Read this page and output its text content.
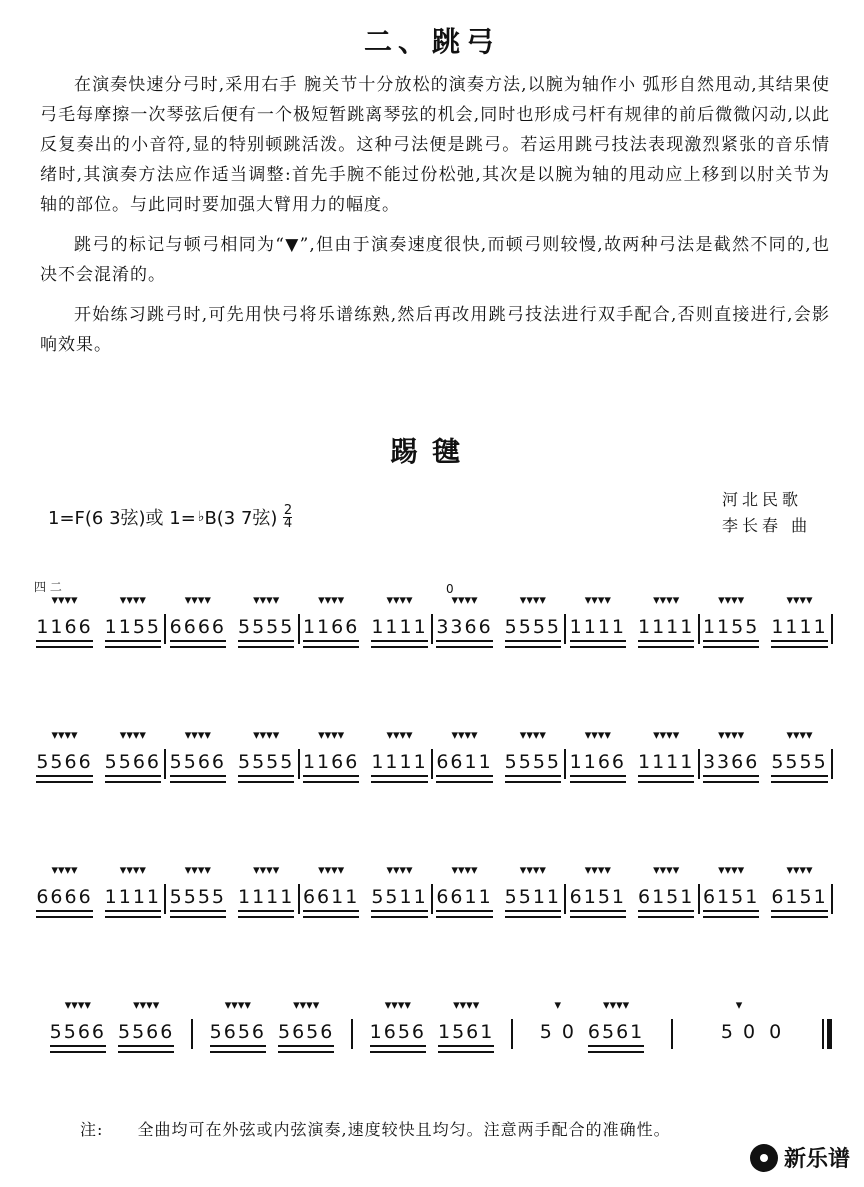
二、跳弓

在演奏快速分弓时,采用右手 腕关节十分放松的演奏方法,以腕为轴作小 弧形自然甩动,其结果使弓毛每摩擦一次琴弦后便有一个极短暂跳离琴弦的机会,同时也形成弓杆有规律的前后微微闪动,以此反复奏出的小音符,显的特别顿跳活泼。这种弓法便是跳弓。若运用跳弓技法表现激烈紧张的音乐情绪时,其演奏方法应作适当调整:首先手腕不能过份松弛,其次是以腕为轴的甩动应上移到以肘关节为轴的部位。与此同时要加强大臂用力的幅度。

跳弓的标记与顿弓相同为“▼”,但由于演奏速度很快,而顿弓则较慢,故两种弓法是截然不同的,也决不会混淆的。

开始练习跳弓时,可先用快弓将乐谱练熟,然后再改用跳弓技法进行双手配合,否则直接进行,会影响效果。

踢毽
1=F(6 3弦)或 1= ♭ B(3 7弦) 2
4
河北民歌
李长春 曲
▾▾▾▾
1166
▾▾▾▾
1155
▾▾▾▾
6666
▾▾▾▾
5555
▾▾▾▾
1166
▾▾▾▾
1111
▾▾▾▾
3366
▾▾▾▾
5555
▾▾▾▾
1111
▾▾▾▾
1111
▾▾▾▾
1155
▾▾▾▾
1111
四 二	0
▾▾▾▾
5566
▾▾▾▾
5566
▾▾▾▾
5566
▾▾▾▾
5555
▾▾▾▾
1166
▾▾▾▾
1111
▾▾▾▾
6611
▾▾▾▾
5555
▾▾▾▾
1166
▾▾▾▾
1111
▾▾▾▾
3366
▾▾▾▾
5555
▾▾▾▾
6666
▾▾▾▾
1111
▾▾▾▾
5555
▾▾▾▾
1111
▾▾▾▾
6611
▾▾▾▾
5511
▾▾▾▾
6611
▾▾▾▾
5511
▾▾▾▾
6151
▾▾▾▾
6151
▾▾▾▾
6151
▾▾▾▾
6151
▾▾▾▾
5566
▾▾▾▾
5566
▾▾▾▾
5656
▾▾▾▾
5656
▾▾▾▾
1656
▾▾▾▾
1561
▾
5 0
▾▾▾▾
6561
▾
5 0 0
注: 全曲均可在外弦或内弦演奏,速度较快且均匀。注意两手配合的准确性。
新乐谱
